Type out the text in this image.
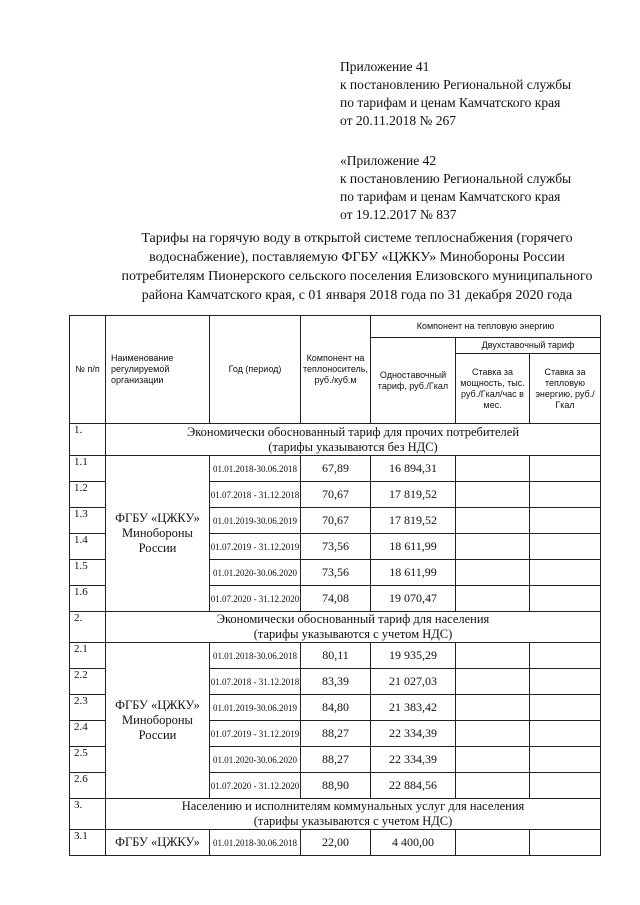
Приложение 41
к постановлению Региональной службы
по тарифам и ценам Камчатского края
от 20.11.2018 № 267
«Приложение 42
к постановлению Региональной службы
по тарифам и ценам Камчатского края
от 19.12.2017 № 837
Тарифы на горячую воду в открытой системе теплоснабжения (горячего
водоснабжение), поставляемую ФГБУ «ЦЖКУ» Минобороны России
потребителям Пионерского сельского поселения Елизовского муниципального
района Камчатского края, с 01 января 2018 года по 31 декабря 2020 года
№ п/п	Наименование регулируемой организации	Год (период)	Компонент на теплоноситель, руб./куб.м	Компонент на тепловую энергию		
				Одноставочный тариф, руб./Гкал	Двухставочный тариф	
					Ставка за мощность, тыс. руб./Гкал/час в мес.	Ставка за тепловую энергию, руб./Гкал
1.	Экономически обоснованный тариф для прочих потребителей
(тарифы указываются без НДС)					

1.1	ФГБУ «ЦЖКУ» Минобороны России	01.01.2018-30.06.2018	67,89	16 894,31		
1.2		01.07.2018 - 31.12.2018	70,67	17 819,52		
1.3		01.01.2019-30.06.2019	70,67	17 819,52		
1.4		01.07.2019 - 31.12.2019	73,56	18 611,99		
1.5		01.01.2020-30.06.2020	73,56	18 611,99		
1.6		01.07.2020 - 31.12.2020	74,08	19 070,47		
2.	Экономически обоснованный тариф для населения
(тарифы указываются с учетом НДС)					

2.1	ФГБУ «ЦЖКУ» Минобороны России	01.01.2018-30.06.2018	80,11	19 935,29		
2.2		01.07.2018 - 31.12.2018	83,39	21 027,03		
2.3		01.01.2019-30.06.2019	84,80	21 383,42		
2.4		01.07.2019 - 31.12.2019	88,27	22 334,39		
2.5		01.01.2020-30.06.2020	88,27	22 334,39		
2.6		01.07.2020 - 31.12.2020	88,90	22 884,56		
3.	Населению и исполнителям коммунальных услуг для населения
(тарифы указываются с учетом НДС)					

3.1	ФГБУ «ЦЖКУ»	01.01.2018-30.06.2018	22,00	4 400,00		
